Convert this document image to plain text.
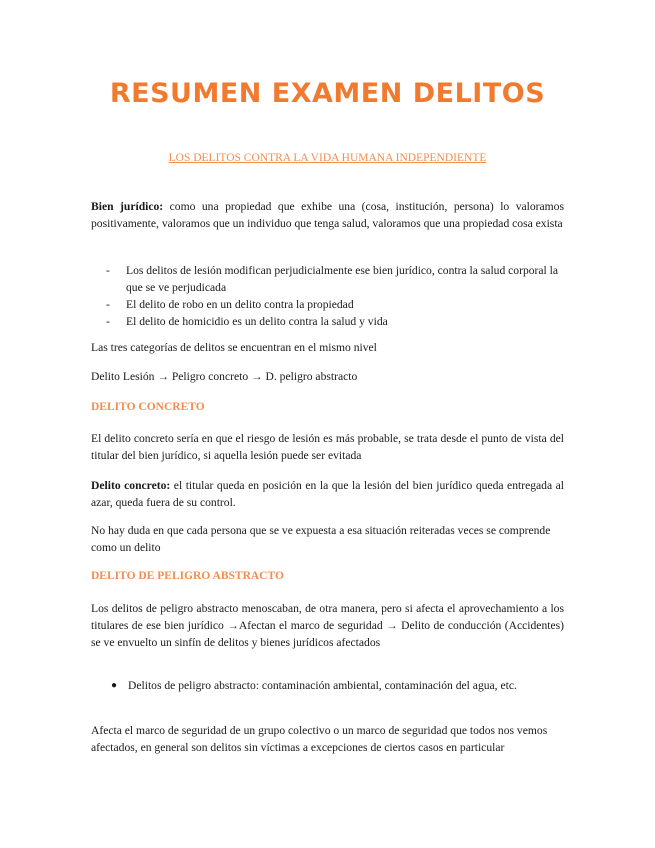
RESUMEN EXAMEN DELITOS

LOS DELITOS CONTRA LA VIDA HUMANA INDEPENDIENTE

Bien jurídico: como una propiedad que exhibe una (cosa, institución, persona) lo valoramos positivamente, valoramos que un individuo que tenga salud, valoramos que una propiedad cosa exista

- Los delitos de lesión modifican perjudicialmente ese bien jurídico, contra la salud corporal la que se ve perjudicada
- El delito de robo en un delito contra la propiedad
- El delito de homicidio es un delito contra la salud y vida

Las tres categorías de delitos se encuentran en el mismo nivel

Delito Lesión → Peligro concreto → D. peligro abstracto

DELITO CONCRETO

El delito concreto sería en que el riesgo de lesión es más probable, se trata desde el punto de vista del titular del bien jurídico, si aquella lesión puede ser evitada

Delito concreto: el titular queda en posición en la que la lesión del bien jurídico queda entregada al azar, queda fuera de su control.

No hay duda en que cada persona que se ve expuesta a esa situación reiteradas veces se comprende como un delito

DELITO DE PELIGRO ABSTRACTO

Los delitos de peligro abstracto menoscaban, de otra manera, pero si afecta el aprovechamiento a los titulares de ese bien jurídico →Afectan el marco de seguridad → Delito de conducción (Accidentes) se ve envuelto un sinfín de delitos y bienes jurídicos afectados

● Delitos de peligro abstracto: contaminación ambiental, contaminación del agua, etc.

Afecta el marco de seguridad de un grupo colectivo o un marco de seguridad que todos nos vemos afectados, en general son delitos sin víctimas a excepciones de ciertos casos en particular
